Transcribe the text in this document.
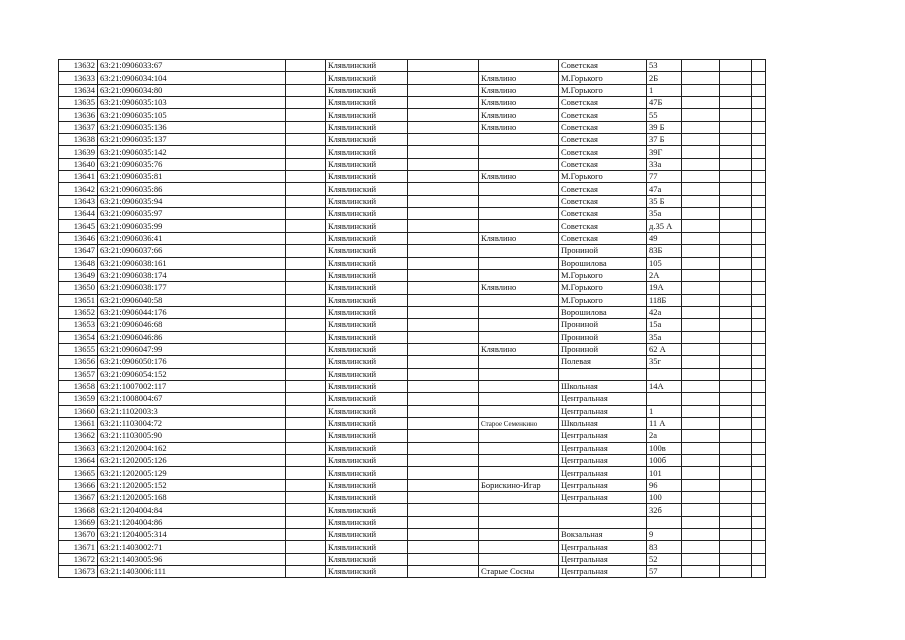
13632	63:21:0906033:67		Клявлинский			Советская	53			
13633	63:21:0906034:104		Клявлинский		Клявлино	М.Горького	2Б			
13634	63:21:0906034:80		Клявлинский		Клявлино	М.Горького	1			
13635	63:21:0906035:103		Клявлинский		Клявлино	Советская	47Б			
13636	63:21:0906035:105		Клявлинский		Клявлино	Советская	55			
13637	63:21:0906035:136		Клявлинский		Клявлино	Советская	39 Б			
13638	63:21:0906035:137		Клявлинский			Советская	37 Б			
13639	63:21:0906035:142		Клявлинский			Советская	39Г			
13640	63:21:0906035:76		Клявлинский			Советская	33а			
13641	63:21:0906035:81		Клявлинский		Клявлино	М.Горького	77			
13642	63:21:0906035:86		Клявлинский			Советская	47а			
13643	63:21:0906035:94		Клявлинский			Советская	35 Б			
13644	63:21:0906035:97		Клявлинский			Советская	35а			
13645	63:21:0906035:99		Клявлинский			Советская	д.35 А			
13646	63:21:0906036:41		Клявлинский		Клявлино	Советская	49			
13647	63:21:0906037:66		Клявлинский			Прониной	83Б			
13648	63:21:0906038:161		Клявлинский			Ворошилова	105			
13649	63:21:0906038:174		Клявлинский			М.Горького	2А			
13650	63:21:0906038:177		Клявлинский		Клявлино	М.Горького	19А			
13651	63:21:0906040:58		Клявлинский			М.Горького	118Б			
13652	63:21:0906044:176		Клявлинский			Ворошилова	42а			
13653	63:21:0906046:68		Клявлинский			Прониной	15а			
13654	63:21:0906046:86		Клявлинский			Прониной	35а			
13655	63:21:0906047:99		Клявлинский		Клявлино	Прониной	62 А			
13656	63:21:0906050:176		Клявлинский			Полевая	35г			
13657	63:21:0906054:152		Клявлинский							
13658	63:21:1007002:117		Клявлинский			Школьная	14А			
13659	63:21:1008004:67		Клявлинский			Центральная				
13660	63:21:1102003:3		Клявлинский			Центральная	1			
13661	63:21:1103004:72		Клявлинский		Старое Семенкино	Школьная	11 А			
13662	63:21:1103005:90		Клявлинский			Центральная	2а			
13663	63:21:1202004:162		Клявлинский			Центральная	100в			
13664	63:21:1202005:126		Клявлинский			Центральная	100б			
13665	63:21:1202005:129		Клявлинский			Центральная	101			
13666	63:21:1202005:152		Клявлинский		Борискино-Игар	Центральная	96			
13667	63:21:1202005:168		Клявлинский			Центральная	100			
13668	63:21:1204004:84		Клявлинский				32б			
13669	63:21:1204004:86		Клявлинский							
13670	63:21:1204005:314		Клявлинский			Вокзальная	9			
13671	63:21:1403002:71		Клявлинский			Центральная	83			
13672	63:21:1403005:96		Клявлинский			Центральная	52			
13673	63:21:1403006:111		Клявлинский		Старые Сосны	Центральная	57			
